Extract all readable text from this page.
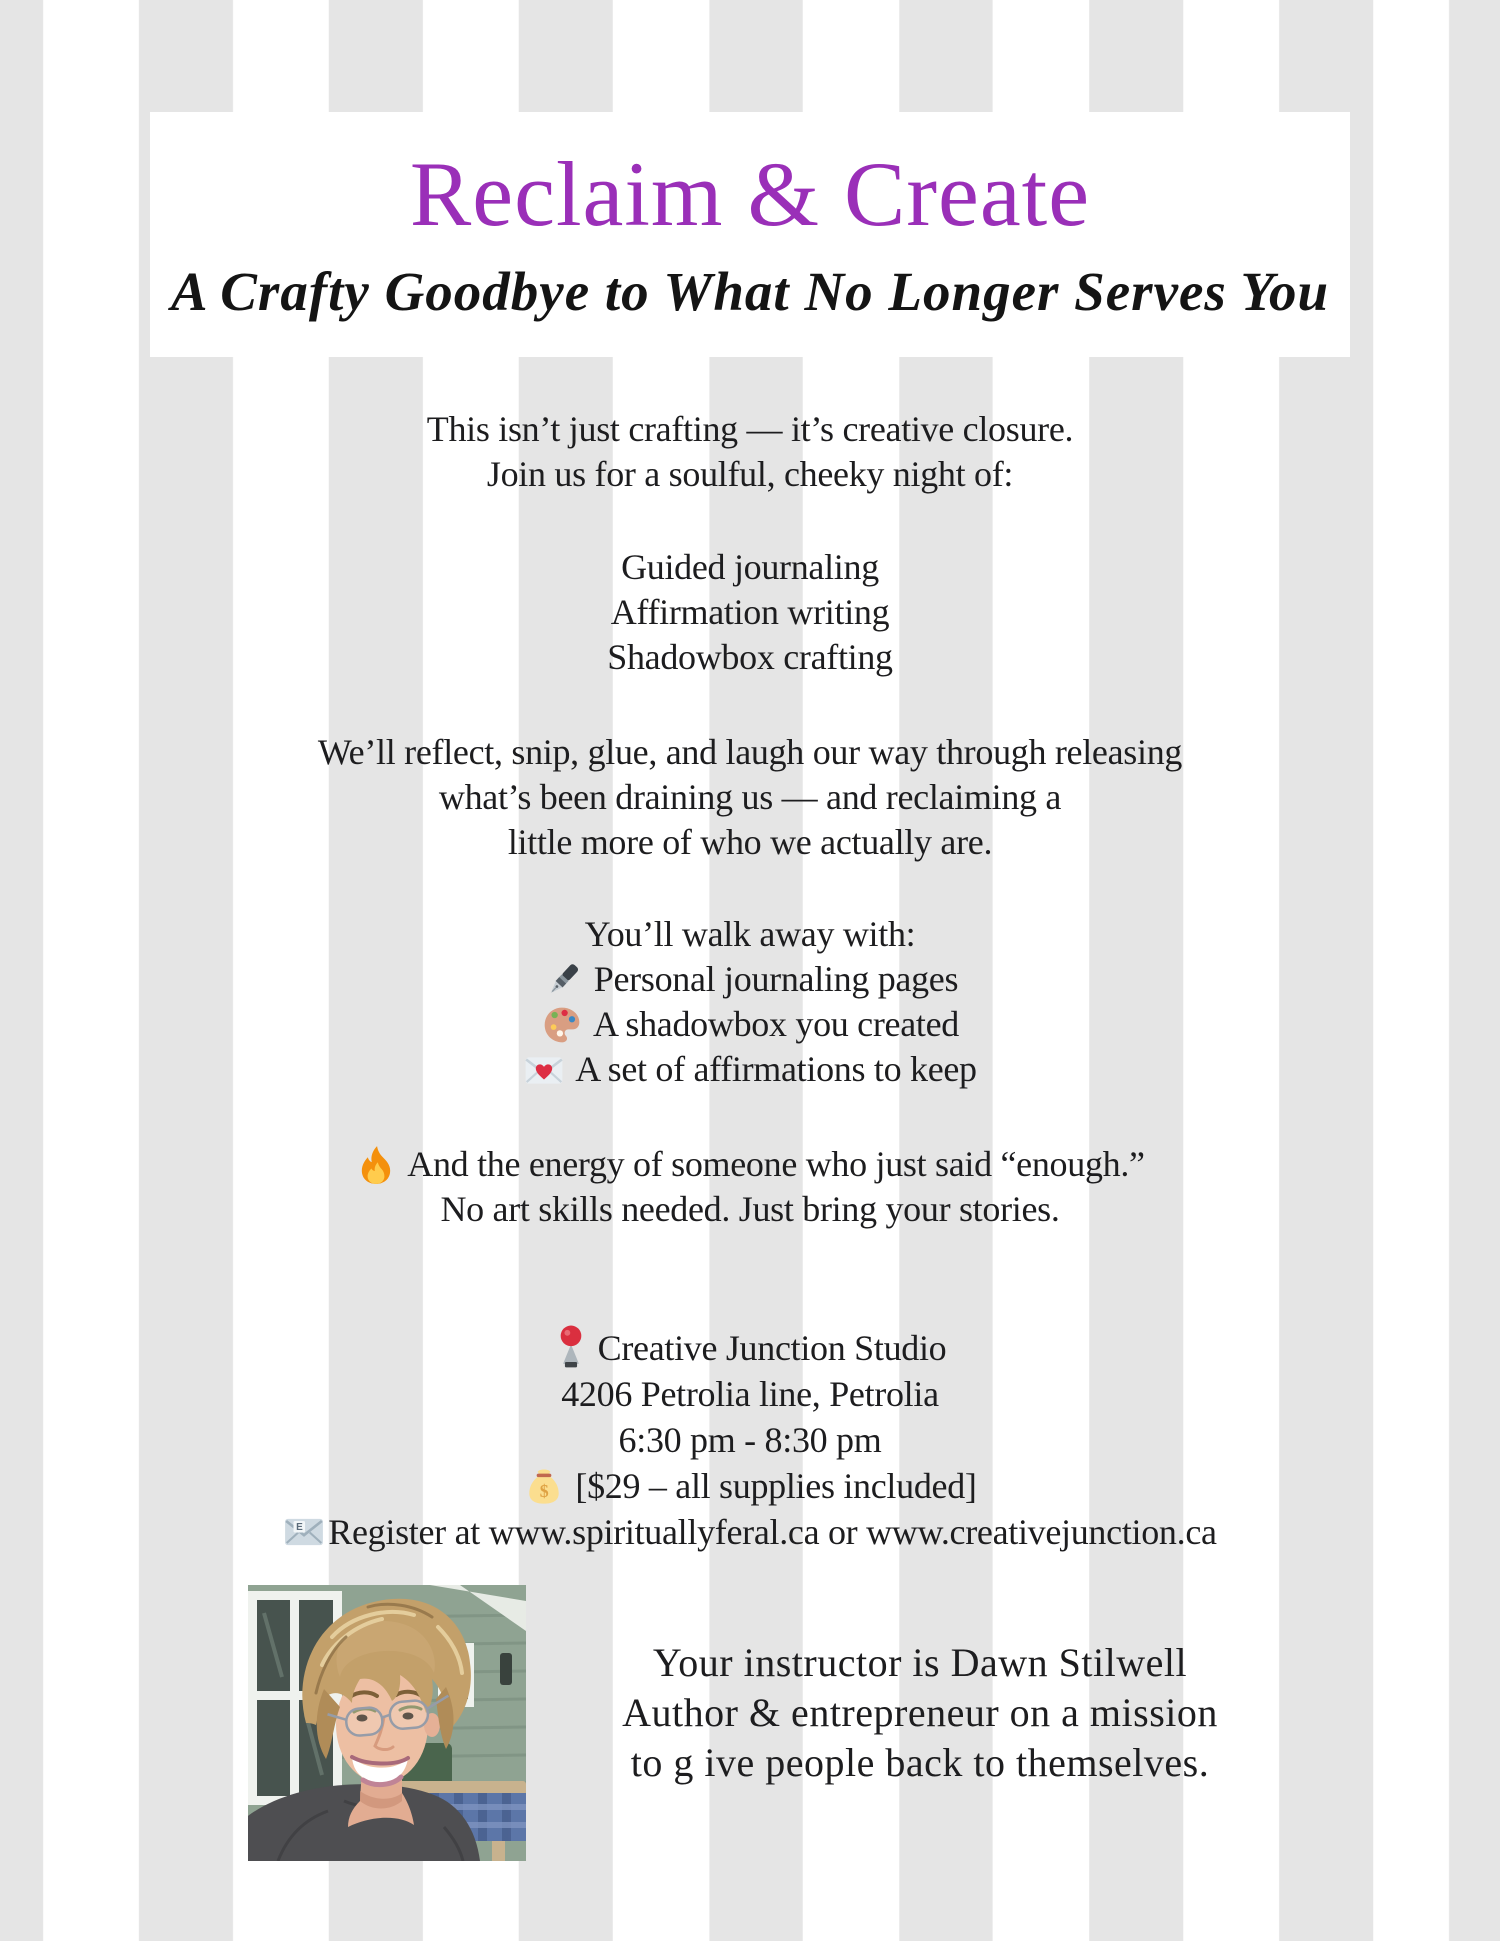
Reclaim & Create
A Crafty Goodbye to What No Longer Serves You
This isn’t just crafting — it’s creative closure.
Join us for a soulful, cheeky night of:
Guided journaling
Affirmation writing
Shadowbox crafting
We’ll reflect, snip, glue, and laugh our way through releasing
what’s been draining us — and reclaiming a
little more of who we actually are.
You’ll walk away with:
Personal journaling pages
A shadowbox you created
A set of affirmations to keep
And the energy of someone who just said “enough.”
No art skills needed. Just bring your stories.
Creative Junction Studio
4206 Petrolia line, Petrolia
6:30 pm - 8:30 pm
$ [$29 – all supplies included]
E Register at www.spirituallyferal.ca or www.creativejunction.ca
Your instructor is Dawn Stilwell
Author & entrepreneur on a mission
to g ive people back to themselves.
